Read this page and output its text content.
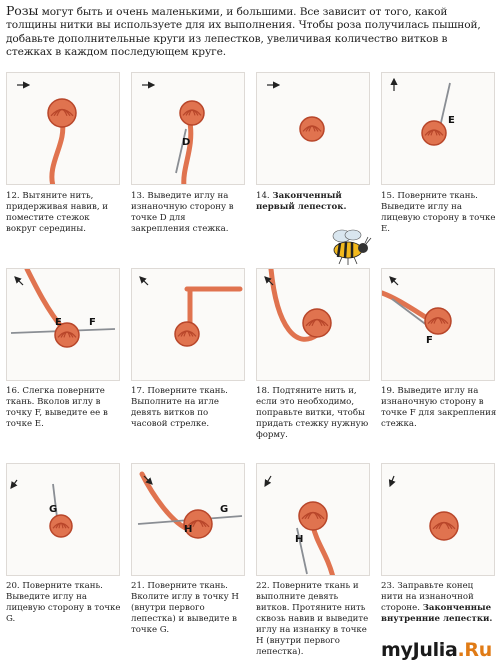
Розы могут быть и очень маленькими, и большими. Все зависит от того, какой толщины нитки вы используете для их выполнения. Чтобы роза получилась пышной, добавьте дополнительные круги из лепестков, увеличивая количество витков в стежках в каждом последующем круге.
12. Вытяните нить, придерживая навив, и поместите стежок вокруг середины.
D
13. Выведите иглу на изнаночную сторону в точке D для закрепления стежка.
14. Законченный первый лепесток.
E
15. Поверните ткань. Выведите иглу на лицевую сторону в точке E.
E	F
16. Слегка поверните ткань. Вколов иглу в точку F, выведите ее в точке E.
17. Поверните ткань. Выполните на игле девять витков по часовой стрелке.
18. Подтяните нить и, если это необходимо, поправьте витки, чтобы придать стежку нужную форму.
F
19. Выведите иглу на изнаночную сторону в точке F для закрепления стежка.
G
20. Поверните ткань. Выведите иглу на лицевую сторону в точке G.
H
G
21. Поверните ткань. Вколите иглу в точку H (внутри первого лепестка) и выведите в точке G.
H
22. Поверните ткань и выполните девять витков. Протяните нить сквозь навив и выведите иглу на изнанку в точке H (внутри первого лепестка).
23. Заправьте конец нити на изнаночной стороне. Законченные внутренние лепестки.
myJulia.Ru
